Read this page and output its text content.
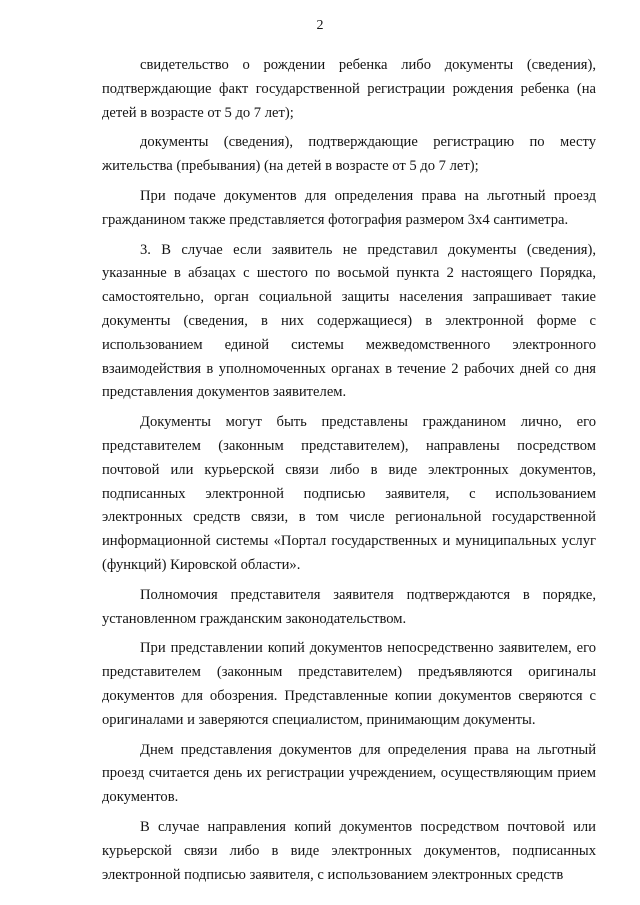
2

свидетельство о рождении ребенка либо документы (сведения), подтверждающие факт государственной регистрации рождения ребенка (на детей в возрасте от 5 до 7 лет);

документы (сведения), подтверждающие регистрацию по месту жительства (пребывания) (на детей в возрасте от 5 до 7 лет);

При подаче документов для определения права на льготный проезд гражданином также представляется фотография размером 3х4 сантиметра.

3. В случае если заявитель не представил документы (сведения), указанные в абзацах с шестого по восьмой пункта 2 настоящего Порядка, самостоятельно, орган социальной защиты населения запрашивает такие документы (сведения, в них содержащиеся) в электронной форме с использованием единой системы межведомственного электронного взаимодействия в уполномоченных органах в течение 2 рабочих дней со дня представления документов заявителем.

Документы могут быть представлены гражданином лично, его представителем (законным представителем), направлены посредством почтовой или курьерской связи либо в виде электронных документов, подписанных электронной подписью заявителя, с использованием электронных средств связи, в том числе региональной государственной информационной системы «Портал государственных и муниципальных услуг (функций) Кировской области».

Полномочия представителя заявителя подтверждаются в порядке, установленном гражданским законодательством.

При представлении копий документов непосредственно заявителем, его представителем (законным представителем) предъявляются оригиналы документов для обозрения. Представленные копии документов сверяются с оригиналами и заверяются специалистом, принимающим документы.

Днем представления документов для определения права на льготный проезд считается день их регистрации учреждением, осуществляющим прием документов.

В случае направления копий документов посредством почтовой или курьерской связи либо в виде электронных документов, подписанных электронной подписью заявителя, с использованием электронных средств
